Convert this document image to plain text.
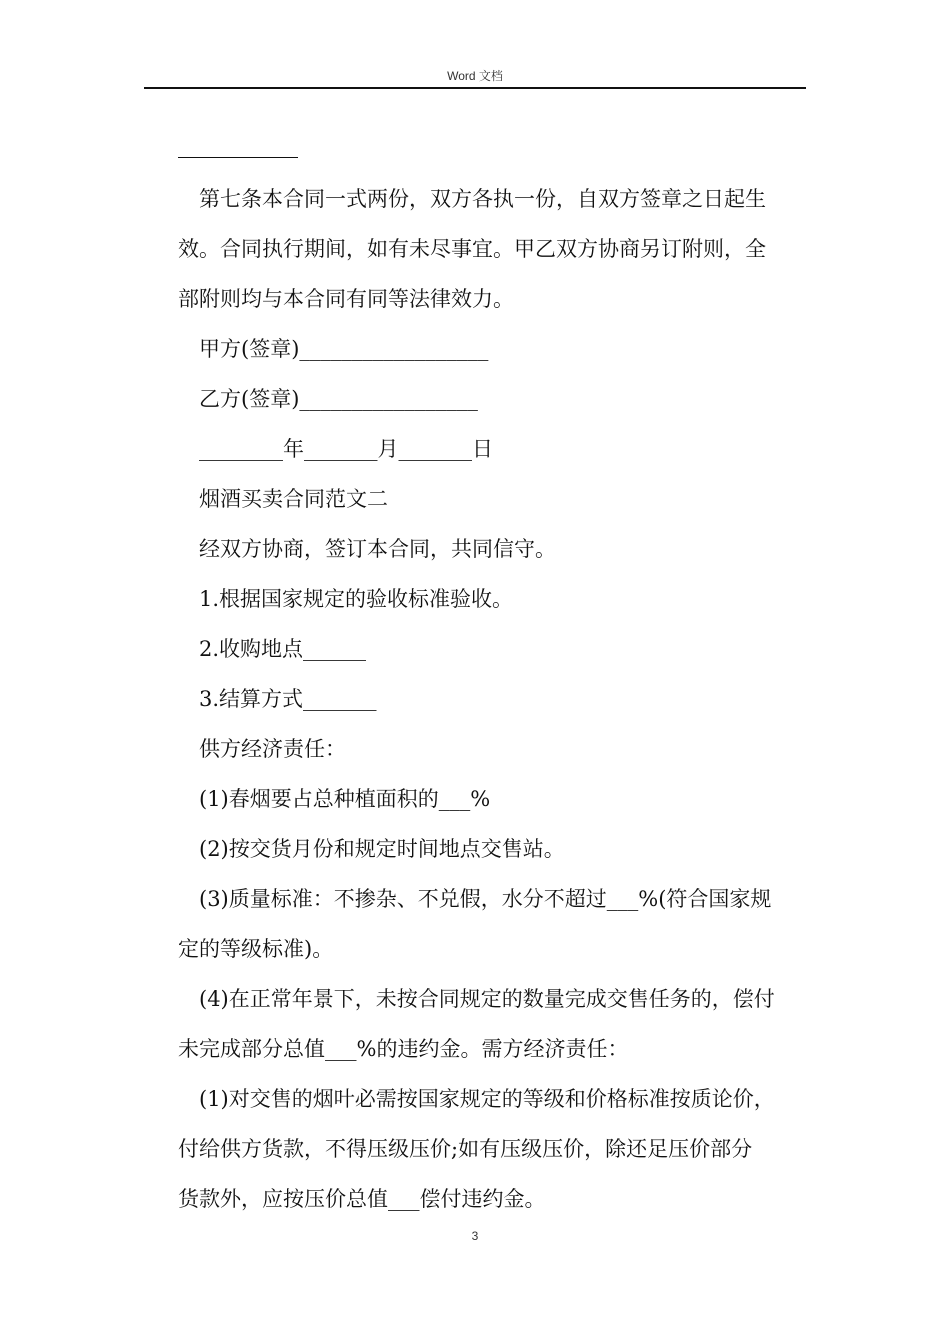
Word 文档
第七条本合同一式两份，双方各执一份，自双方签章之日起生
效。合同执行期间，如有未尽事宜。甲乙双方协商另订附则，全
部附则均与本合同有同等法律效力。
甲方(签章)__________________
乙方(签章)_________________
________年_______月_______日
烟酒买卖合同范文二
经双方协商，签订本合同，共同信守。
1.根据国家规定的验收标准验收。
2.收购地点______
3.结算方式_______
供方经济责任：
(1)春烟要占总种植面积的___%
(2)按交货月份和规定时间地点交售站。
(3)质量标准：不掺杂、不兑假，水分不超过___%(符合国家规
定的等级标准)。
(4)在正常年景下，未按合同规定的数量完成交售任务的，偿付
未完成部分总值___%的违约金。需方经济责任：
(1)对交售的烟叶必需按国家规定的等级和价格标准按质论价，
付给供方货款，不得压级压价;如有压级压价，除还足压价部分
货款外，应按压价总值___偿付违约金。
3
